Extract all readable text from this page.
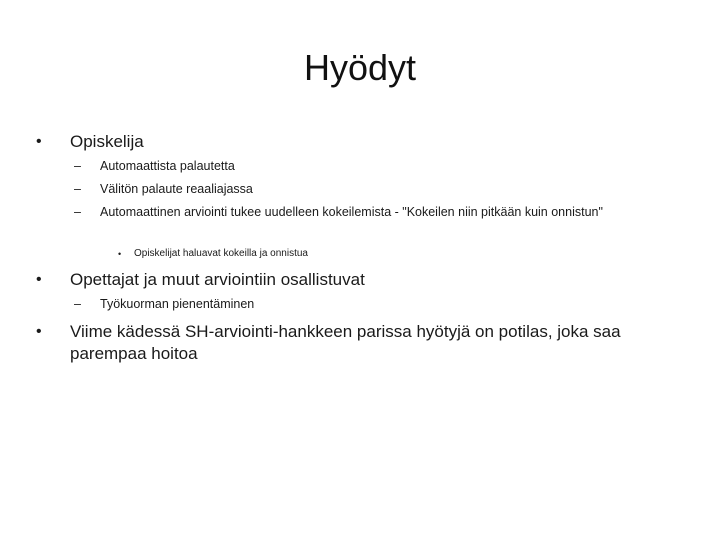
Hyödyt
•	Opiskelija
–	Automaattista palautetta
–	Välitön palaute reaaliajassa
–	Automaattinen arviointi tukee uudelleen kokeilemista - "Kokeilen niin pitkään kuin onnistun"
•	Opiskelijat haluavat kokeilla ja onnistua
•	Opettajat ja muut arviointiin osallistuvat
–	Työkuorman pienentäminen
•	Viime kädessä SH-arviointi-hankkeen parissa hyötyjä on potilas, joka saa parempaa hoitoa
